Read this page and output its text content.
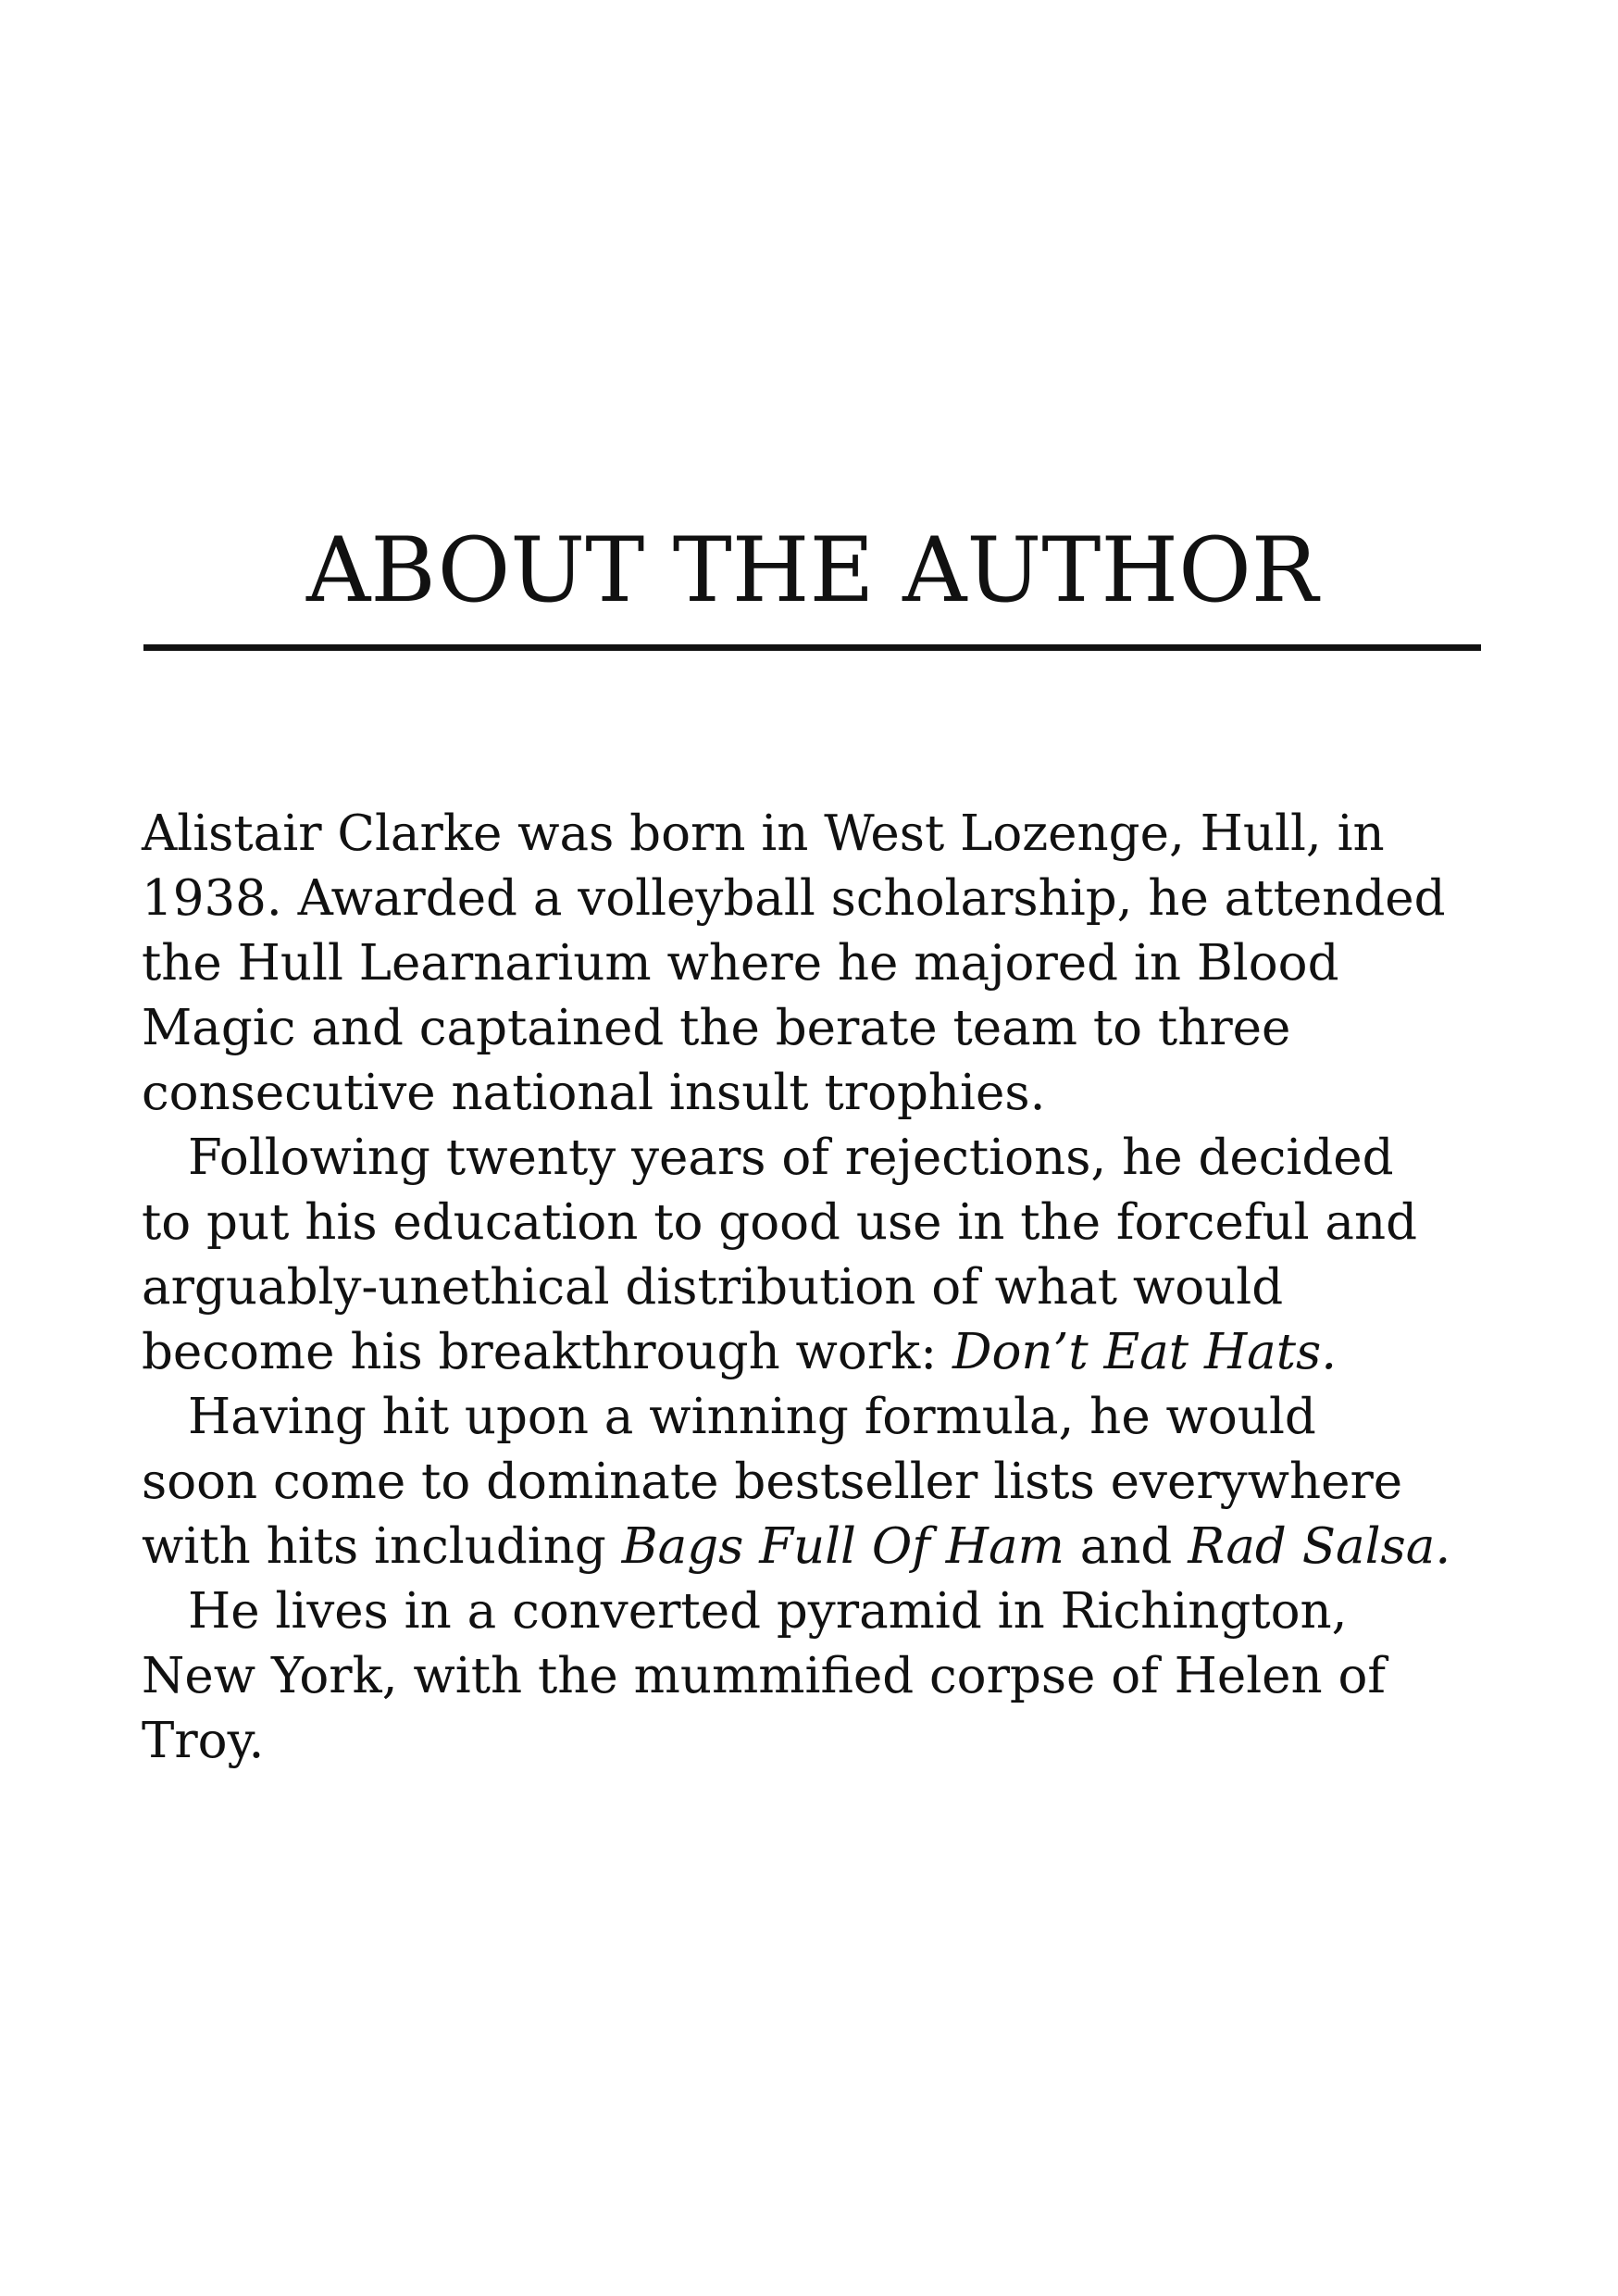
ABOUT THE AUTHOR

Alistair Clarke was born in West Lozenge, Hull, in
1938. Awarded a volleyball scholarship, he attended
the Hull Learnarium where he majored in Blood
Magic and captained the berate team to three
consecutive national insult trophies.

Following twenty years of rejections, he decided
to put his education to good use in the forceful and
arguably-unethical distribution of what would
become his breakthrough work: Don’t Eat Hats.

Having hit upon a winning formula, he would
soon come to dominate bestseller lists everywhere
with hits including Bags Full Of Ham and Rad Salsa.

He lives in a converted pyramid in Richington,
New York, with the mummified corpse of Helen of
Troy.
